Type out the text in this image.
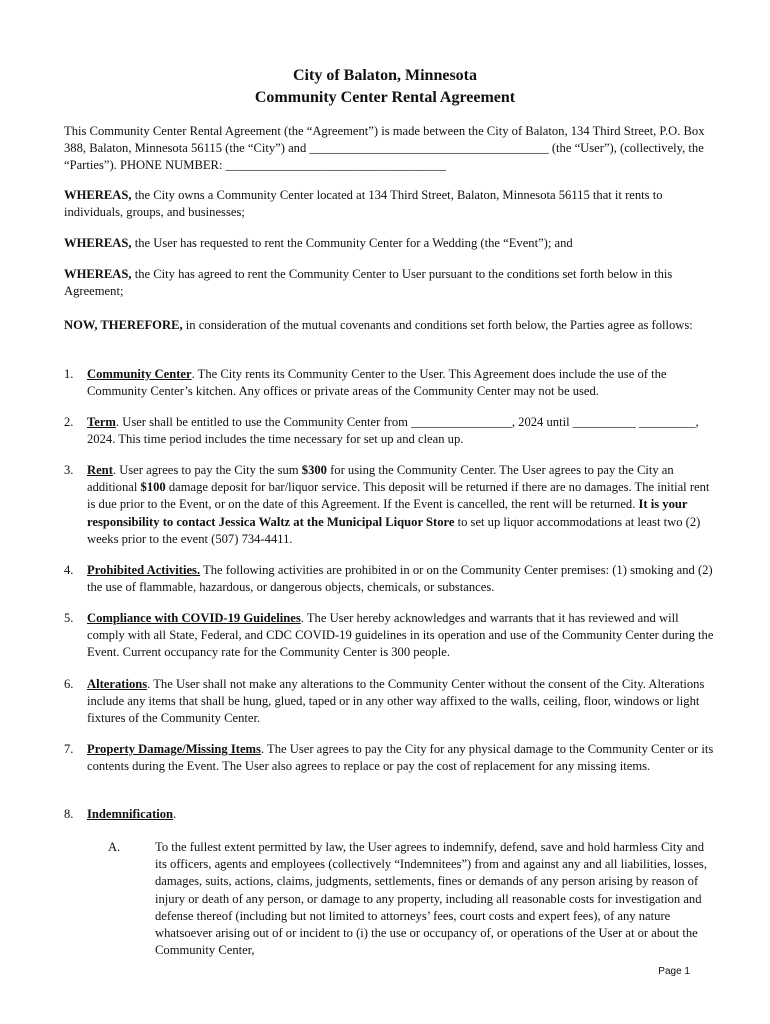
City of Balaton, Minnesota
Community Center Rental Agreement

This Community Center Rental Agreement (the “Agreement”) is made between the City of Balaton, 134 Third Street, P.O. Box 388, Balaton, Minnesota 56115 (the “City”) and ______________________________________ (the “User”), (collectively, the “Parties”). PHONE NUMBER: ___________________________________

WHEREAS, the City owns a Community Center located at 134 Third Street, Balaton, Minnesota 56115 that it rents to individuals, groups, and businesses;

WHEREAS, the User has requested to rent the Community Center for a Wedding (the “Event”); and

WHEREAS, the City has agreed to rent the Community Center to User pursuant to the conditions set forth below in this Agreement;

NOW, THEREFORE, in consideration of the mutual covenants and conditions set forth below, the Parties agree as follows:

1. Community Center. The City rents its Community Center to the User. This Agreement does include the use of the Community Center’s kitchen. Any offices or private areas of the Community Center may not be used.
2. Term. User shall be entitled to use the Community Center from ________________, 2024 until __________ _________, 2024. This time period includes the time necessary for set up and clean up.
3. Rent. User agrees to pay the City the sum $300 for using the Community Center. The User agrees to pay the City an additional $100 damage deposit for bar/liquor service. This deposit will be returned if there are no damages. The initial rent is due prior to the Event, or on the date of this Agreement. If the Event is cancelled, the rent will be returned. It is your responsibility to contact Jessica Waltz at the Municipal Liquor Store to set up liquor accommodations at least two (2) weeks prior to the event (507) 734-4411.
4. Prohibited Activities. The following activities are prohibited in or on the Community Center premises: (1) smoking and (2) the use of flammable, hazardous, or dangerous objects, chemicals, or substances.
5. Compliance with COVID-19 Guidelines. The User hereby acknowledges and warrants that it has reviewed and will comply with all State, Federal, and CDC COVID-19 guidelines in its operation and use of the Community Center during the Event. Current occupancy rate for the Community Center is 300 people.
6. Alterations. The User shall not make any alterations to the Community Center without the consent of the City. Alterations include any items that shall be hung, glued, taped or in any other way affixed to the walls, ceiling, floor, windows or light fixtures of the Community Center.
7. Property Damage/Missing Items. The User agrees to pay the City for any physical damage to the Community Center or its contents during the Event. The User also agrees to replace or pay the cost of replacement for any missing items.
8. Indemnification.
A.	To the fullest extent permitted by law, the User agrees to indemnify, defend, save and hold harmless City and its officers, agents and employees (collectively “Indemnitees”) from and against any and all liabilities, losses, damages, suits, actions, claims, judgments, settlements, fines or demands of any person arising by reason of injury or death of any person, or damage to any property, including all reasonable costs for investigation and defense thereof (including but not limited to attorneys’ fees, court costs and expert fees), of any nature whatsoever arising out of or incident to (i) the use or occupancy of, or operations of the User at or about the Community Center,
Page 1
